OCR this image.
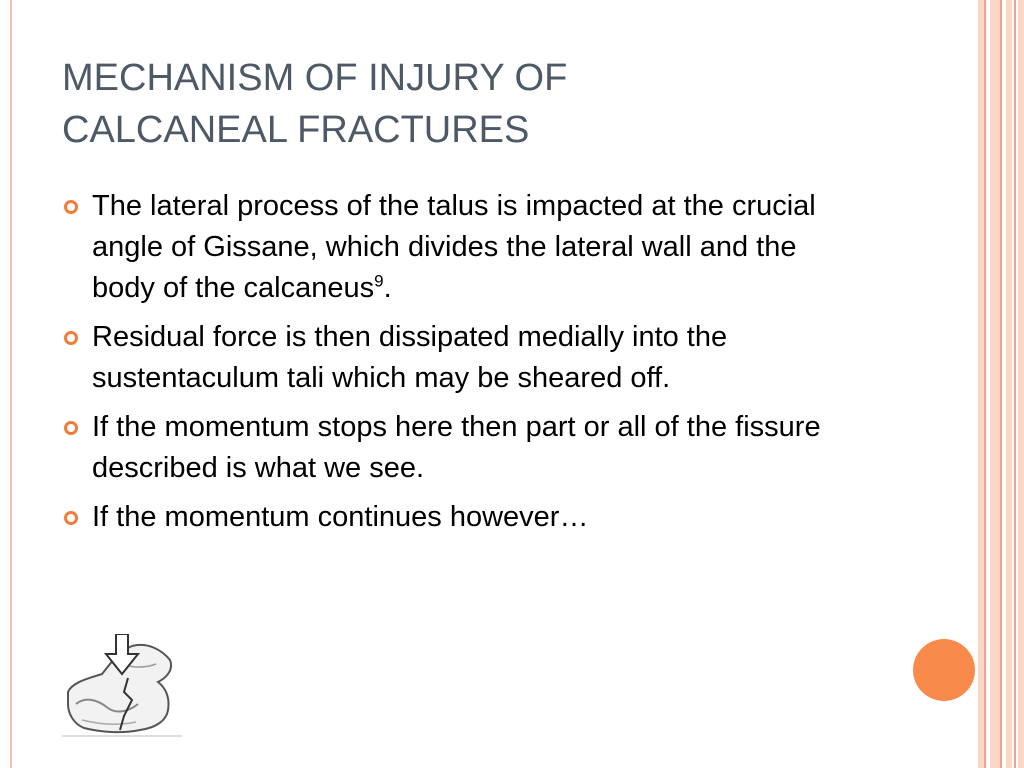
MECHANISM OF INJURY OF
CALCANEAL FRACTURES
The lateral process of the talus is impacted at the crucial angle of Gissane, which divides the lateral wall and the body of the calcaneus$^9$.
Residual force is then dissipated medially into the sustentaculum tali which may be sheared off.
If the momentum stops here then part or all of the fissure described is what we see.
If the momentum continues however…
